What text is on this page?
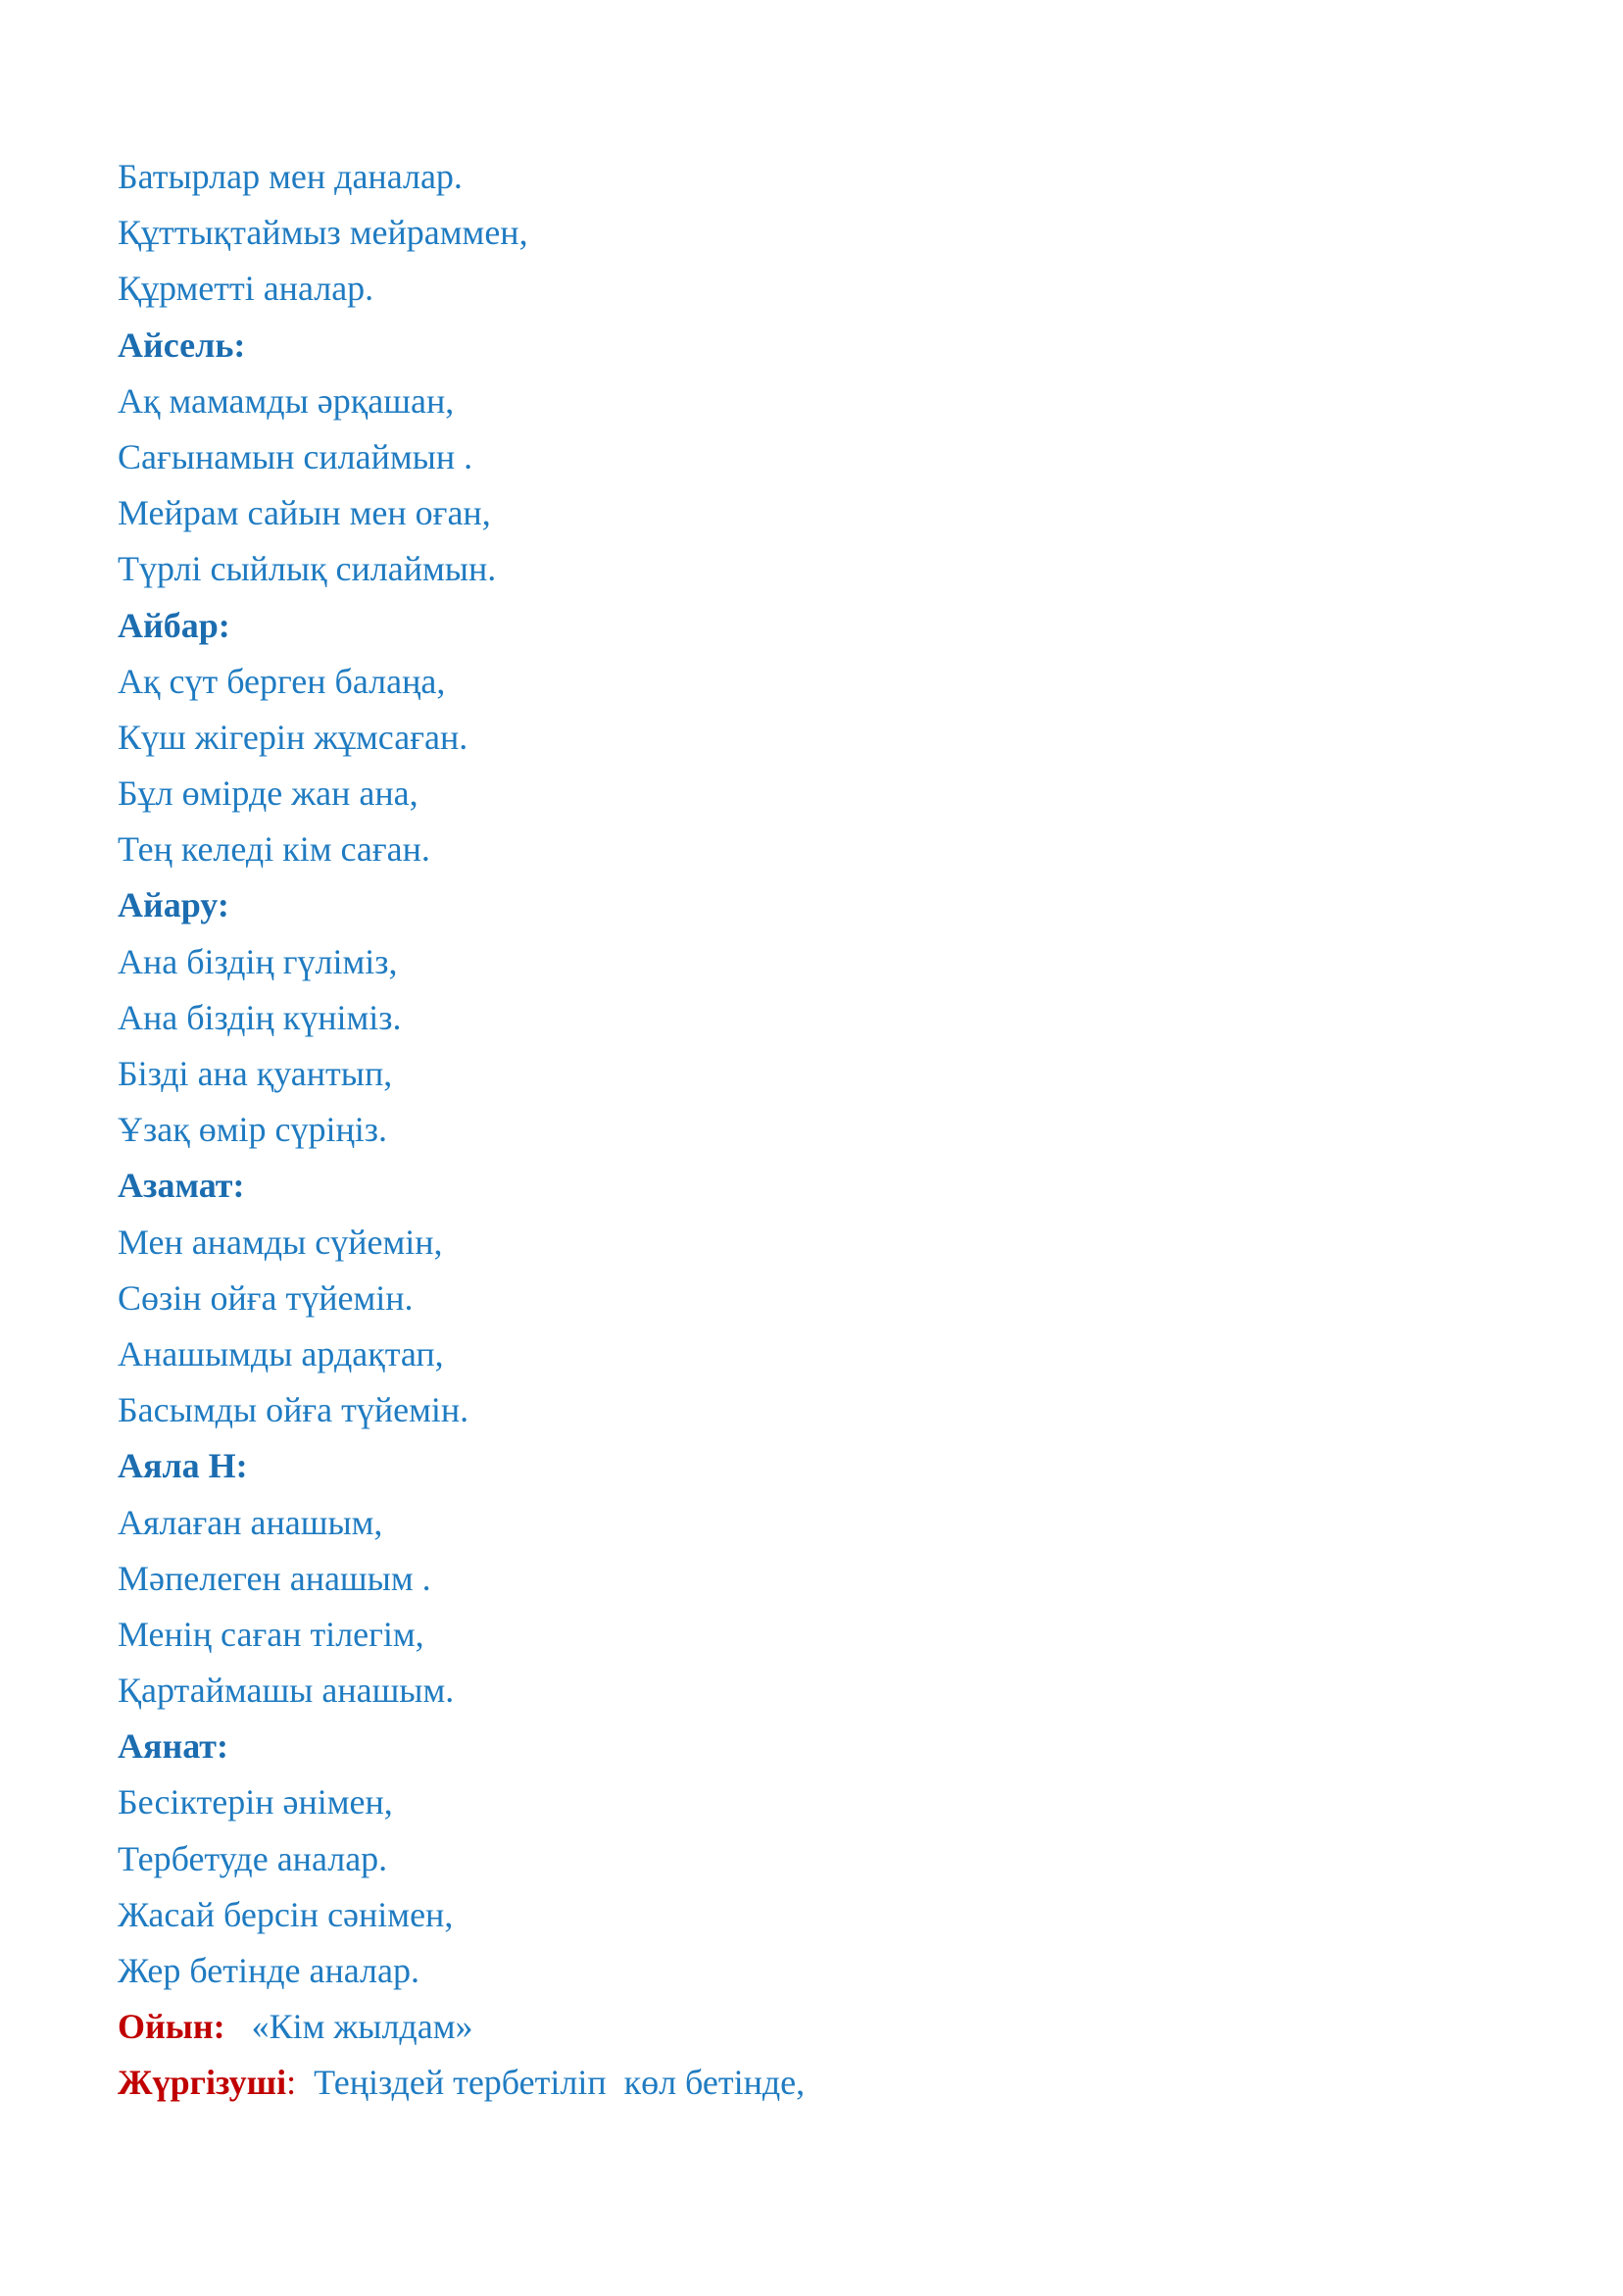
Батырлар мен даналар.
Құттықтаймыз мейраммен,
Құрметті аналар.
Айсель:
Ақ мамамды әрқашан,
Сағынамын силаймын .
Мейрам сайын мен оған,
Түрлі сыйлық силаймын.
Айбар:
Ақ сүт берген балаңа,
Күш жігерін жұмсаған.
Бұл өмірде жан ана,
Тең келеді кім саған.
Айару:
Ана біздің гүліміз,
Ана біздің күніміз.
Бізді ана қуантып,
Ұзақ өмір сүріңіз.
Азамат:
Мен анамды сүйемін,
Сөзін ойға түйемін.
Анашымды ардақтап,
Басымды ойға түйемін.
Аяла Н:
Аялаған анашым,
Мәпелеген анашым .
Менің саған тілегім,
Қартаймашы анашым.
Аянат:
Бесіктерін әнімен,
Тербетуде аналар.
Жасай берсін сәнімен,
Жер бетінде аналар.
Ойын:   «Кім жылдам»
Жүргізуші:  Теңіздей тербетіліп  көл бетінде,
